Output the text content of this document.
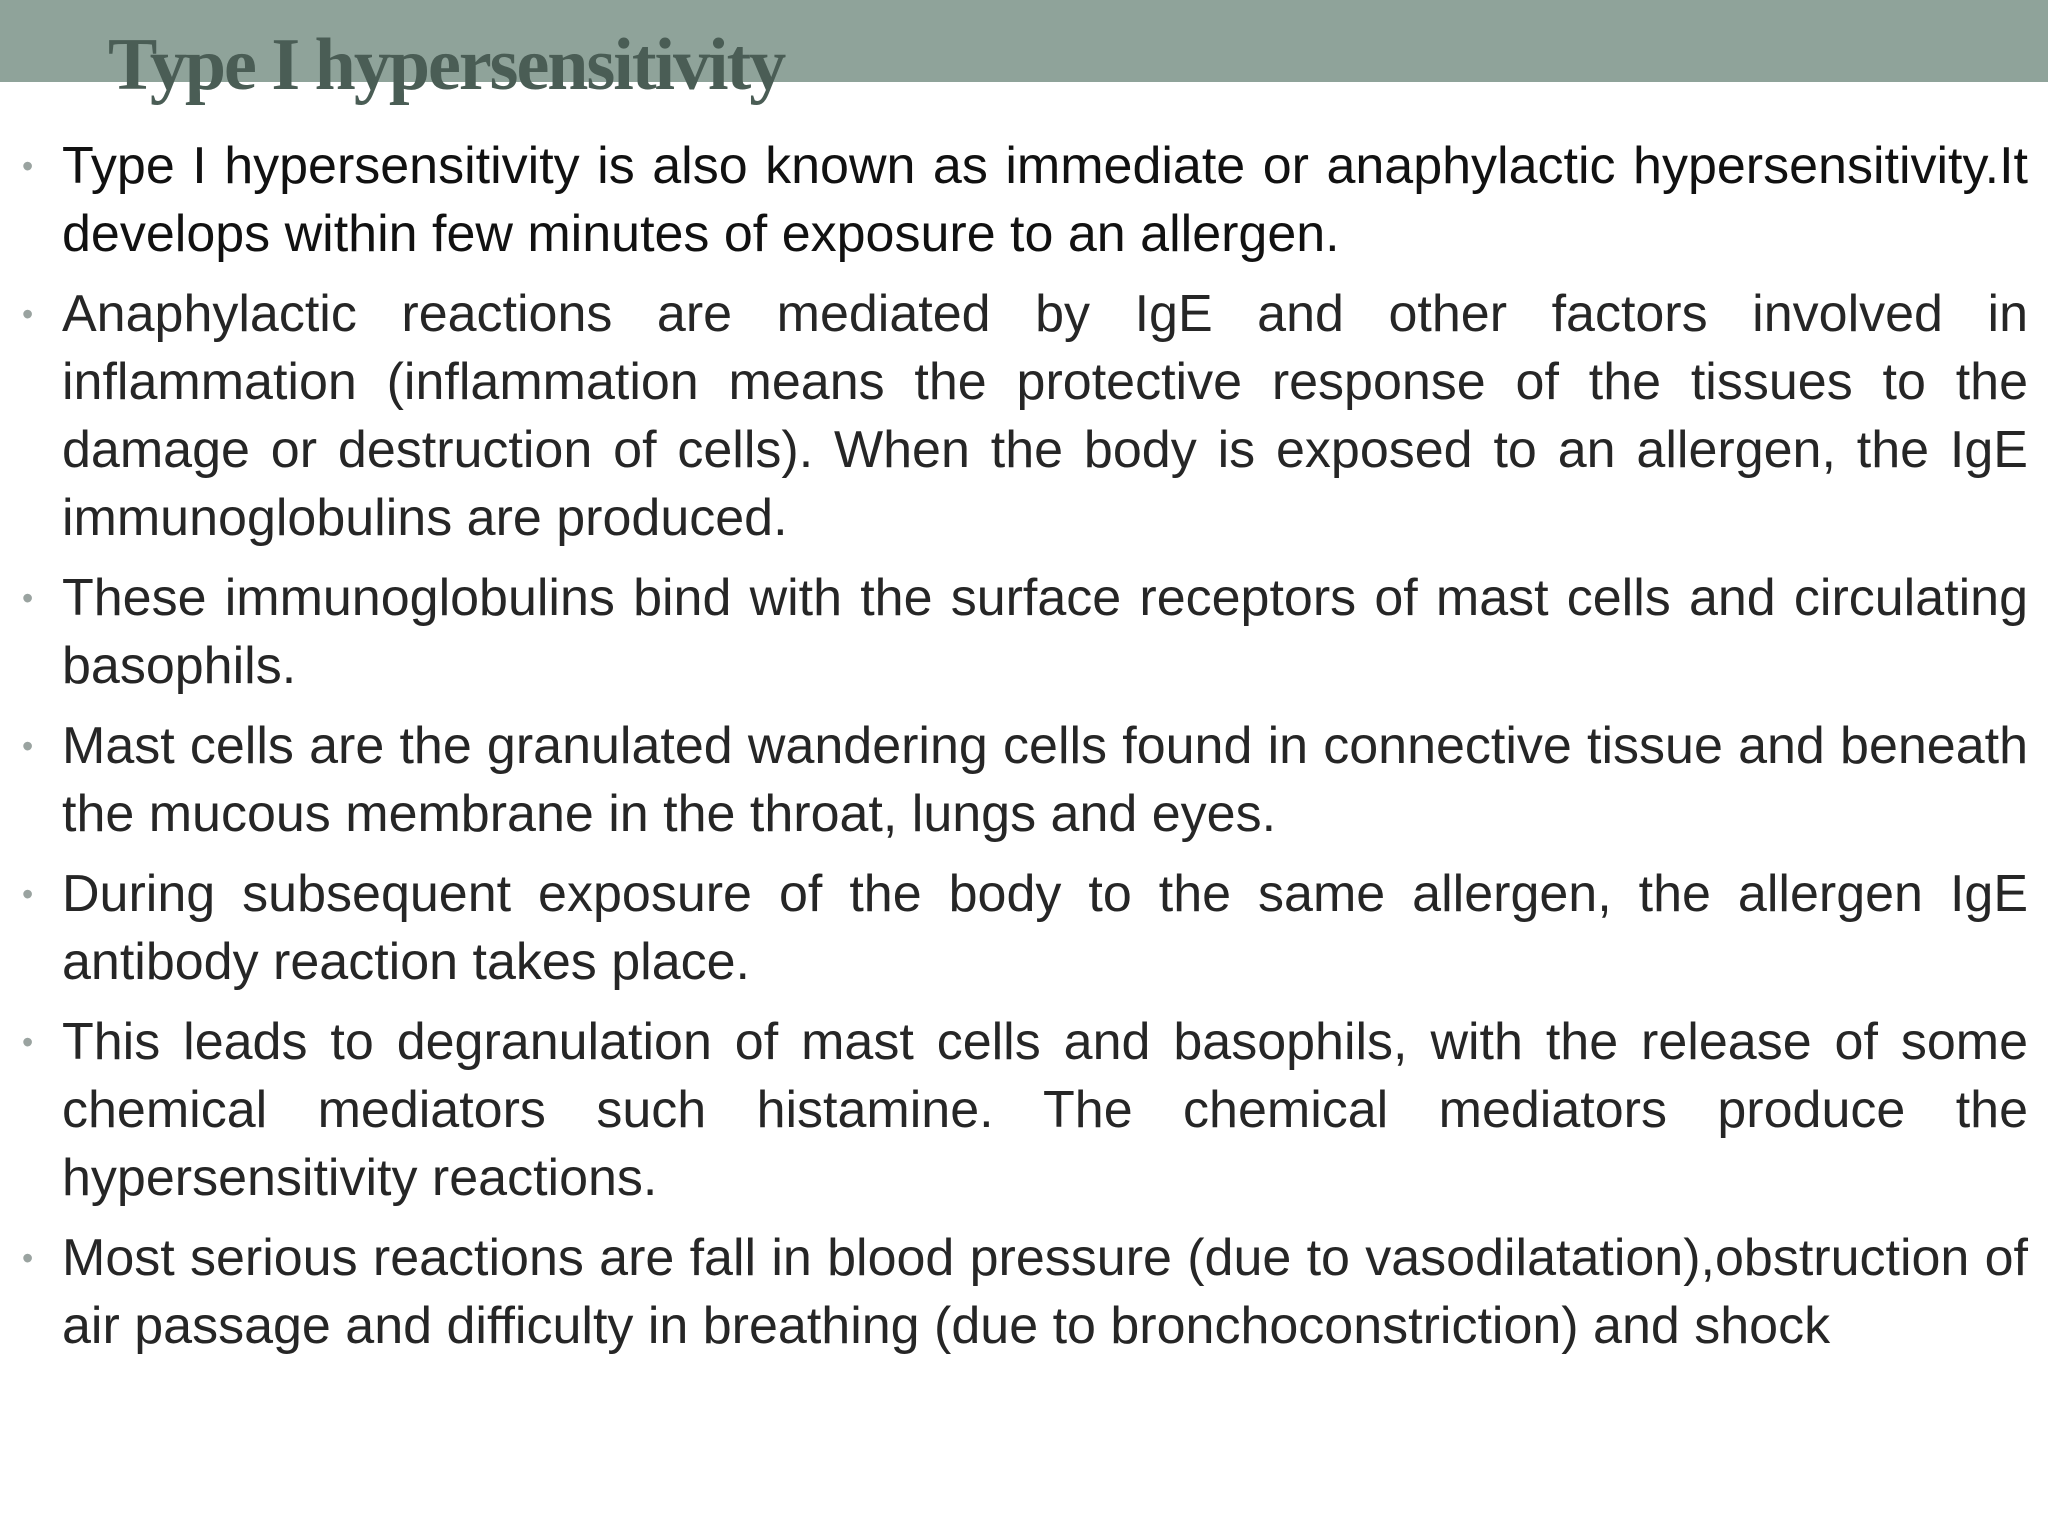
Type I hypersensitivity
• Type I hypersensitivity is also known as immediate or anaphylactic hypersensitivity.It develops within few minutes of exposure to an allergen.
• Anaphylactic reactions are mediated by IgE and other factors involved in inflammation (inflammation means the protective response of the tissues to the damage or destruction of cells). When the body is exposed to an allergen, the IgE immunoglobulins are produced.
• These immunoglobulins bind with the surface receptors of mast cells and circulating basophils.
• Mast cells are the granulated wandering cells found in connective tissue and beneath the mucous membrane in the throat, lungs and eyes.
• During subsequent exposure of the body to the same allergen, the allergen IgE antibody reaction takes place.
• This leads to degranulation of mast cells and basophils, with the release of some chemical mediators such histamine. The chemical mediators produce the hypersensitivity reactions.
• Most serious reactions are fall in blood pressure (due to vasodilatation),obstruction of air passage and difficulty in breathing (due to bronchoconstriction) and shock
